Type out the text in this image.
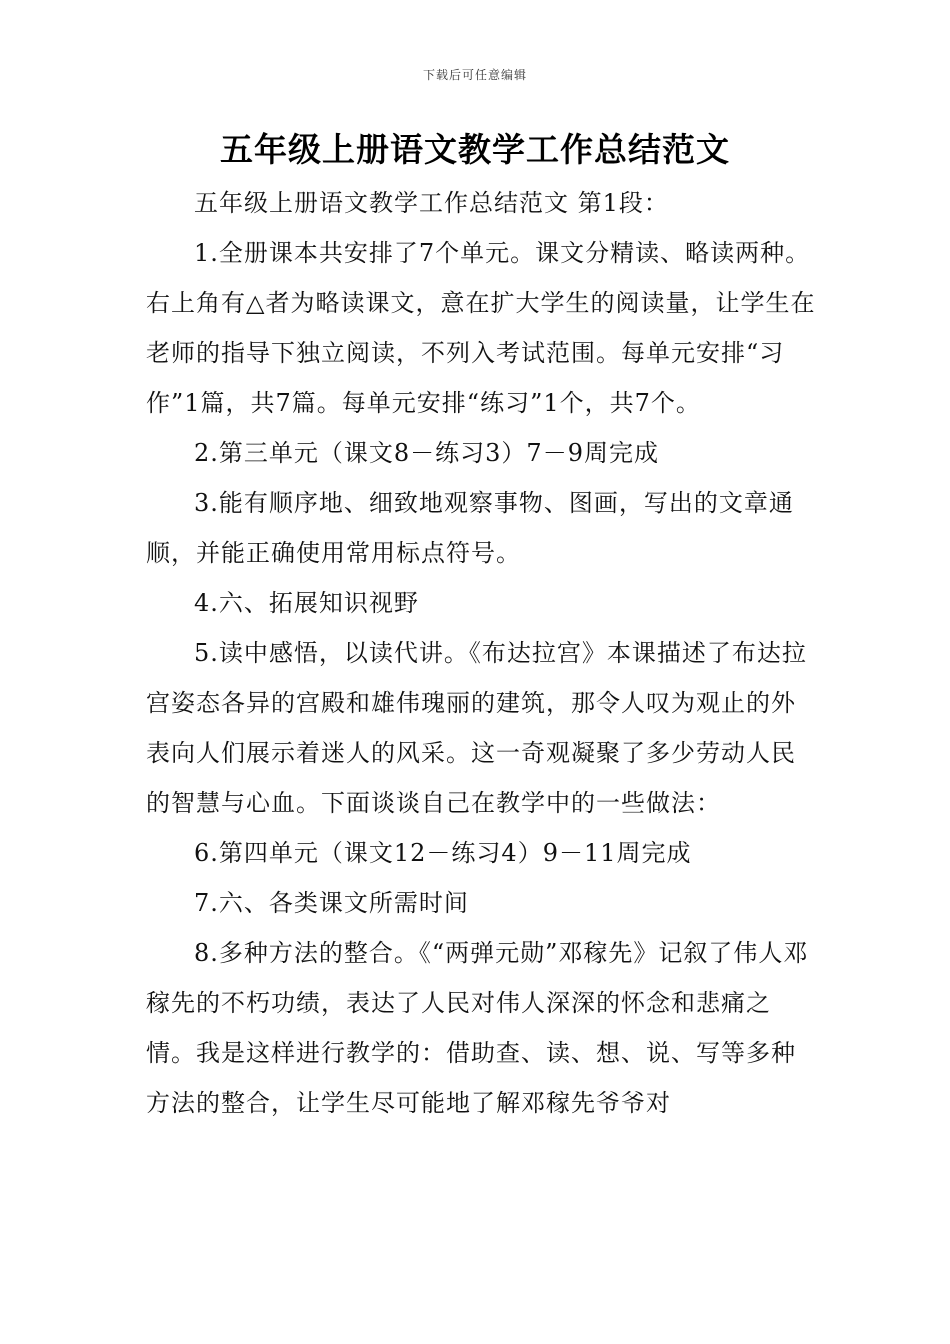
下载后可任意编辑
五年级上册语文教学工作总结范文

五年级上册语文教学工作总结范文 第1段：

1.全册课本共安排了7个单元。课文分精读、略读两种。右上角有△者为略读课文，意在扩大学生的阅读量，让学生在老师的指导下独立阅读，不列入考试范围。每单元安排“习作”1篇，共7篇。每单元安排“练习”1个，共7个。

2.第三单元（课文8－练习3）7－9周完成

3.能有顺序地、细致地观察事物、图画，写出的文章通顺，并能正确使用常用标点符号。

4.六、拓展知识视野

5.读中感悟，以读代讲。《布达拉宫》本课描述了布达拉宫姿态各异的宫殿和雄伟瑰丽的建筑，那令人叹为观止的外表向人们展示着迷人的风采。这一奇观凝聚了多少劳动人民的智慧与心血。下面谈谈自己在教学中的一些做法：

6.第四单元（课文12－练习4）9－11周完成

7.六、各类课文所需时间

8.多种方法的整合。《“两弹元勋”邓稼先》记叙了伟人邓稼先的不朽功绩，表达了人民对伟人深深的怀念和悲痛之情。我是这样进行教学的：借助查、读、想、说、写等多种方法的整合，让学生尽可能地了解邓稼先爷爷对
